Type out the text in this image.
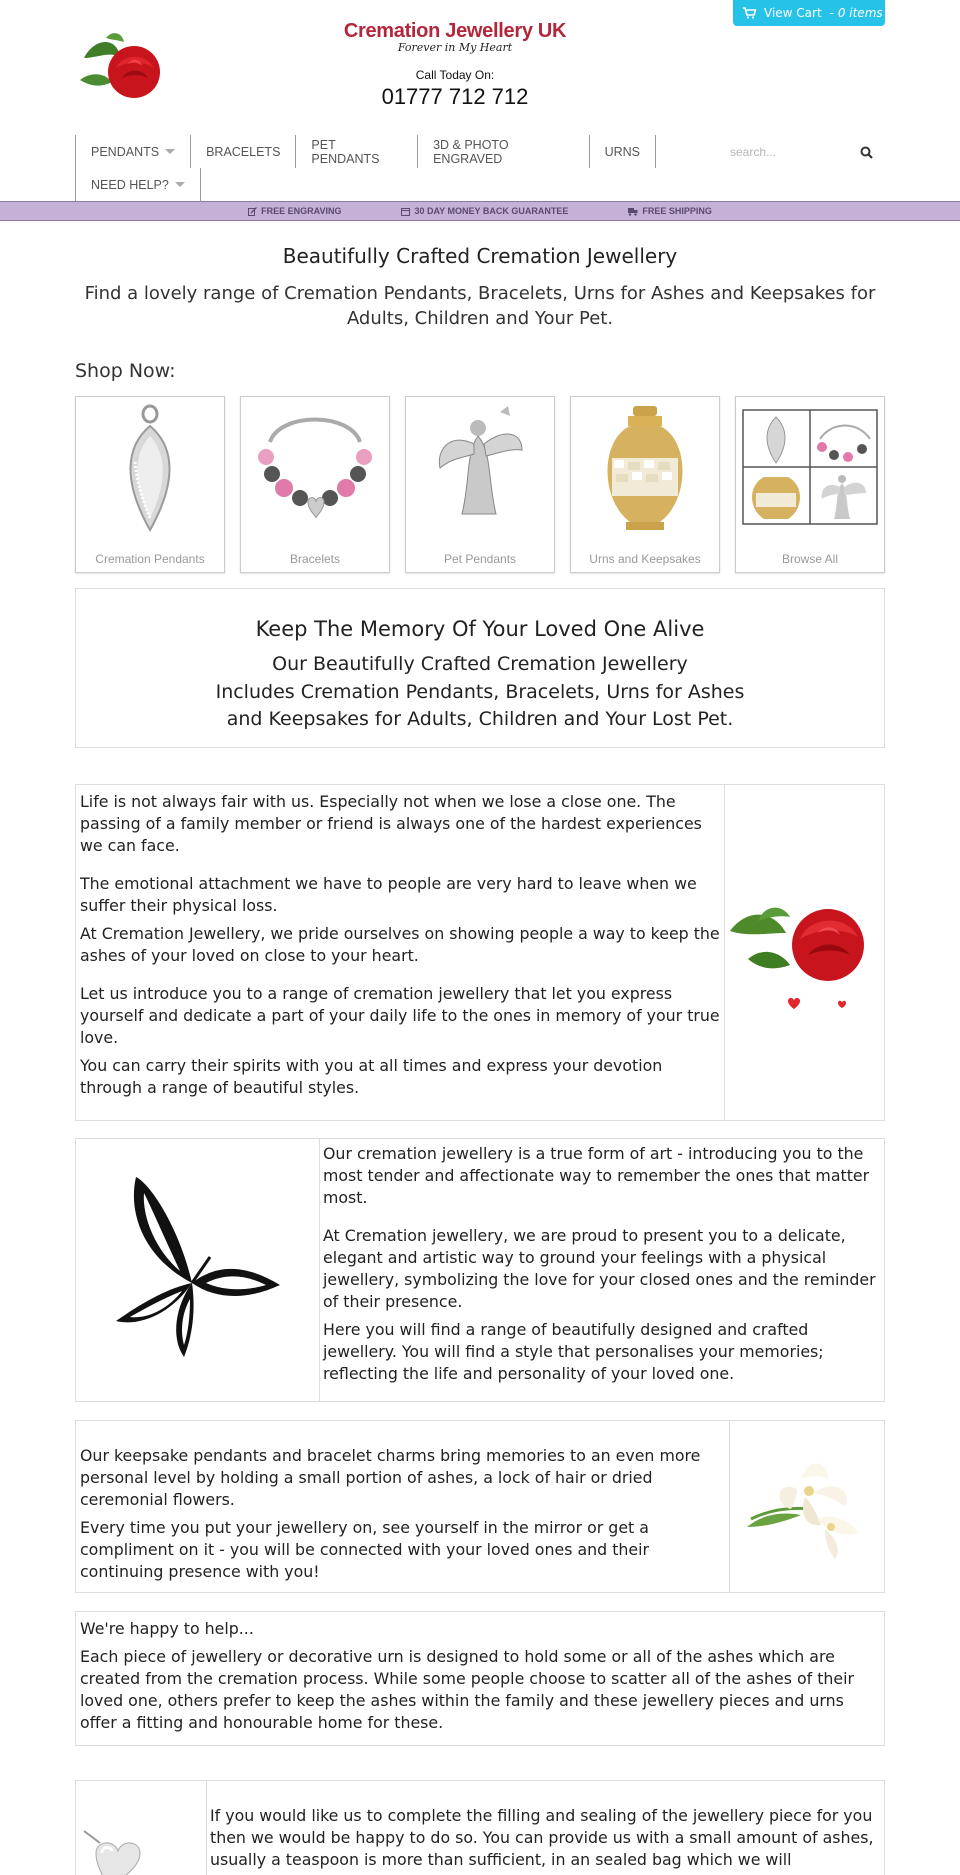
View Cart - 0 items
Cremation Jewellery UK
Forever in My Heart
Call Today On:
01777 712 712
PENDANTS	BRACELETS PET PENDANTS
3D & PHOTO ENGRAVED	URNS
NEED HELP?
search...
FREE ENGRAVING	30 DAY MONEY BACK GUARANTEE	FREE SHIPPING
Beautifully Crafted Cremation Jewellery
Find a lovely range of Cremation Pendants, Bracelets, Urns for Ashes and Keepsakes for Adults, Children and Your Pet.
Shop Now:
Cremation Pendants	Bracelets	Pet Pendants	Urns and Keepsakes	Browse All
Keep The Memory Of Your Loved One Alive
Our Beautifully Crafted Cremation Jewellery
Includes Cremation Pendants, Bracelets, Urns for Ashes
and Keepsakes for Adults, Children and Your Lost Pet.

Life is not always fair with us. Especially not when we lose a close one. The passing of a family member or friend is always one of the hardest experiences we can face.

The emotional attachment we have to people are very hard to leave when we suffer their physical loss.

At Cremation Jewellery, we pride ourselves on showing people a way to keep the ashes of your loved on close to your heart.

Let us introduce you to a range of cremation jewellery that let you express yourself and dedicate a part of your daily life to the ones in memory of your true love.

You can carry their spirits with you at all times and express your devotion through a range of beautiful styles.

Our cremation jewellery is a true form of art - introducing you to the most tender and affectionate way to remember the ones that matter most.

At Cremation jewellery, we are proud to present you to a delicate, elegant and artistic way to ground your feelings with a physical jewellery, symbolizing the love for your closed ones and the reminder of their presence.

Here you will find a range of beautifully designed and crafted jewellery. You will find a style that personalises your memories; reflecting the life and personality of your loved one.

Our keepsake pendants and bracelet charms bring memories to an even more personal level by holding a small portion of ashes, a lock of hair or dried ceremonial flowers.

Every time you put your jewellery on, see yourself in the mirror or get a compliment on it - you will be connected with your loved ones and their continuing presence with you!

We're happy to help...

Each piece of jewellery or decorative urn is designed to hold some or all of the ashes which are created from the cremation process. While some people choose to scatter all of the ashes of their loved one, others prefer to keep the ashes within the family and these jewellery pieces and urns offer a fitting and honourable home for these.

If you would like us to complete the filling and sealing of the jewellery piece for you then we would be happy to do so. You can provide us with a small amount of ashes, usually a teaspoon is more than sufficient, in an sealed bag which we will
